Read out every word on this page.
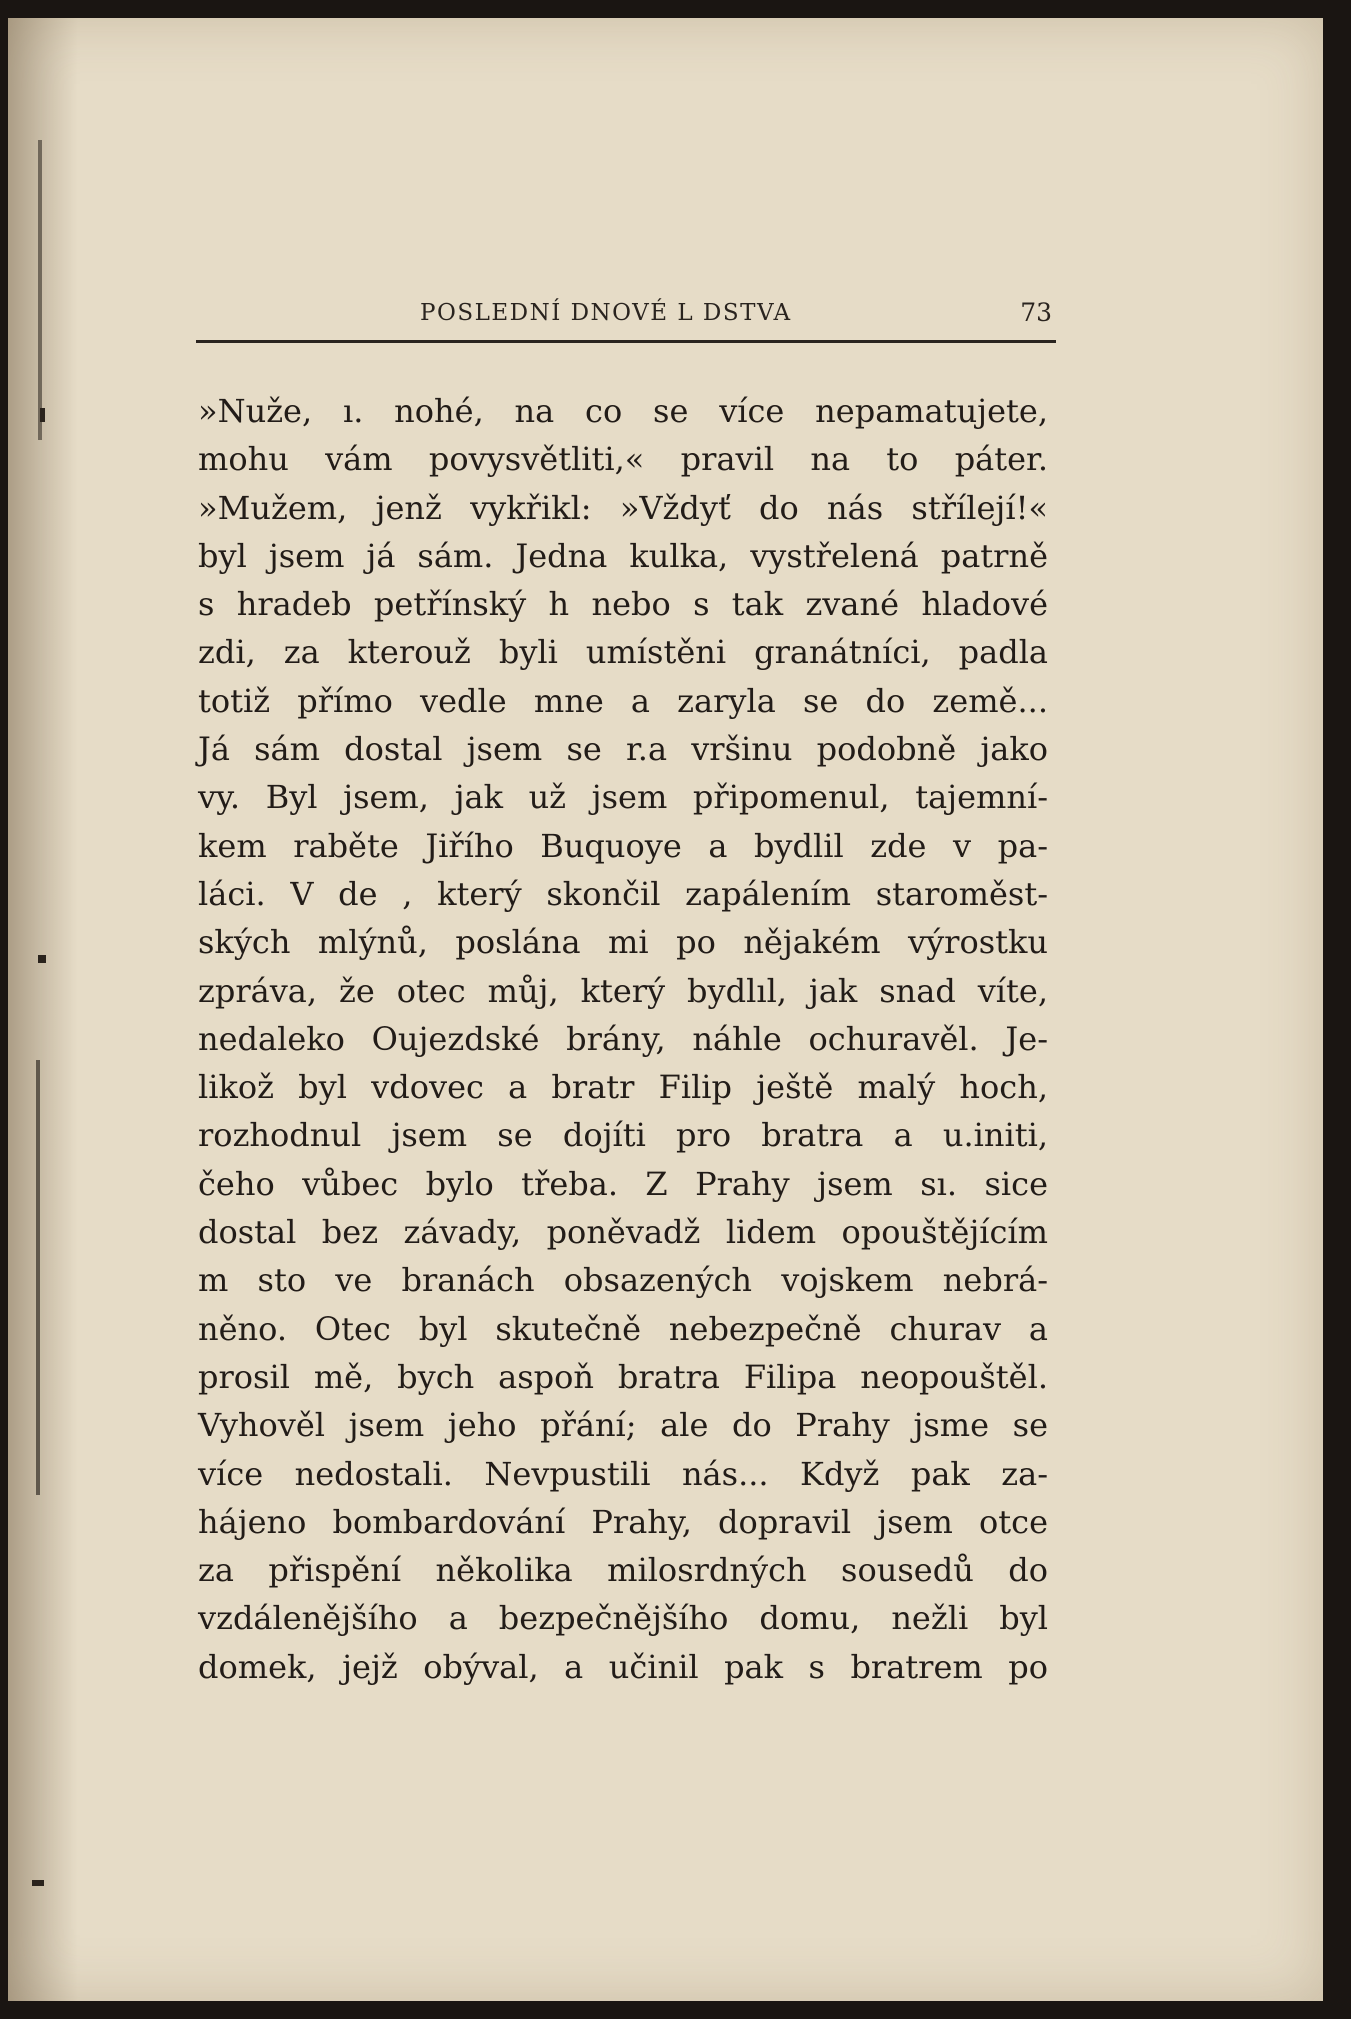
POSLEDNÍ DNOVÉ L DSTVA	73
»Nuže, ı. nohé, na co se více nepamatujete,
mohu vám povysvětliti,« pravil na to páter.
»Mužem, jenž vykřikl: »Vždyť do nás střílejí!«
byl jsem já sám. Jedna kulka, vystřelená patrně
s hradeb petřínský h nebo s tak zvané hladové
zdi, za kterouž byli umístěni granátníci, padla
totiž přímo vedle mne a zaryla se do země...
Já sám dostal jsem se r.a vršinu podobně jako
vy. Byl jsem, jak už jsem připomenul, tajemní-
kem raběte Jiřího Buquoye a bydlil zde v pa-
láci. V de , který skončil zapálením staroměst-
ských mlýnů, poslána mi po nějakém výrostku
zpráva, že otec můj, který bydlıl, jak snad víte,
nedaleko Oujezdské brány, náhle ochuravěl. Je-
likož byl vdovec a bratr Filip ještě malý hoch,
rozhodnul jsem se dojíti pro bratra a u.initi,
čeho vůbec bylo třeba. Z Prahy jsem sı. sice
dostal bez závady, poněvadž lidem opouštějícím
m sto ve branách obsazených vojskem nebrá-
něno. Otec byl skutečně nebezpečně churav a
prosil mě, bych aspoň bratra Filipa neopouštěl.
Vyhověl jsem jeho přání; ale do Prahy jsme se
více nedostali. Nevpustili nás... Když pak za-
hájeno bombardování Prahy, dopravil jsem otce
za přispění několika milosrdných sousedů do
vzdálenějšího a bezpečnějšího domu, nežli byl
domek, jejž obýval, a učinil pak s bratrem po
